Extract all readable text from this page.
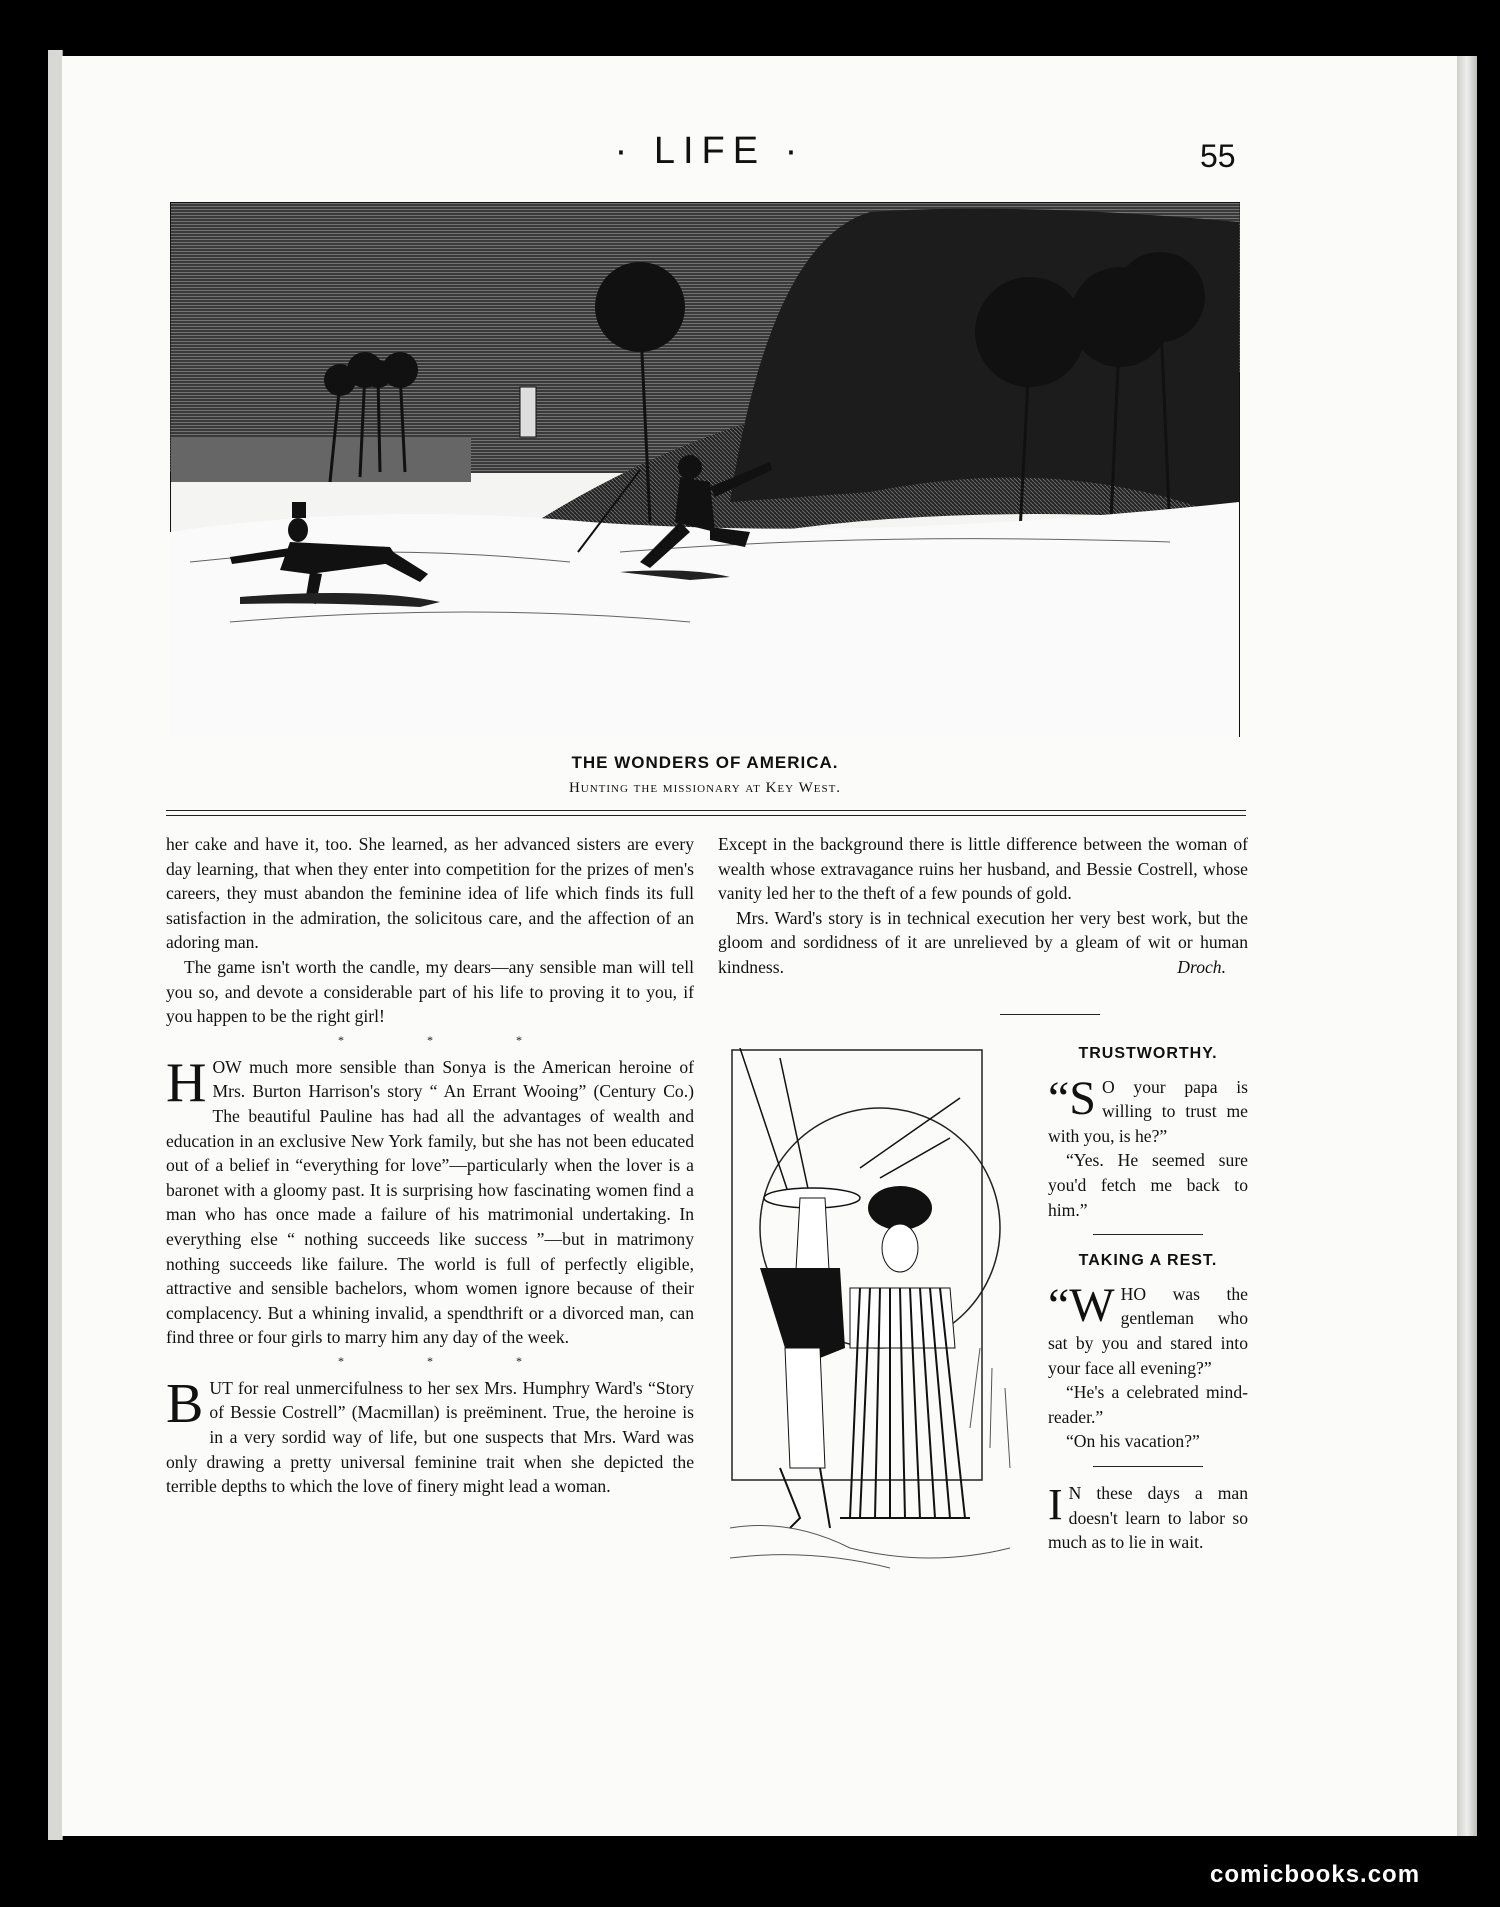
· LIFE ·	55
THE WONDERS OF AMERICA.
Hunting the missionary at Key West.

her cake and have it, too. She learned, as her advanced sisters are every day learning, that when they enter into competition for the prizes of men's careers, they must abandon the feminine idea of life which finds its full satisfaction in the admiration, the solicitous care, and the affection of an adoring man.

The game isn't worth the candle, my dears—any sensible man will tell you so, and devote a considerable part of his life to proving it to you, if you happen to be the right girl!

* * *

HOW much more sensible than Sonya is the American heroine of Mrs. Burton Harrison's story “ An Errant Wooing” (Century Co.) The beautiful Pauline has had all the advantages of wealth and education in an exclusive New York family, but she has not been educated out of a belief in “everything for love”—particularly when the lover is a baronet with a gloomy past. It is surprising how fascinating women find a man who has once made a failure of his matrimonial undertaking. In everything else “ nothing succeeds like success ”—but in matrimony nothing succeeds like failure. The world is full of perfectly eligible, attractive and sensible bachelors, whom women ignore because of their complacency. But a whining invalid, a spendthrift or a divorced man, can find three or four girls to marry him any day of the week.

* * *

BUT for real unmercifulness to her sex Mrs. Humphry Ward's “Story of Bessie Costrell” (Macmillan) is preëminent. True, the heroine is in a very sordid way of life, but one suspects that Mrs. Ward was only drawing a pretty universal feminine trait when she depicted the terrible depths to which the love of finery might lead a woman.

Except in the background there is little difference between the woman of wealth whose extravagance ruins her husband, and Bessie Costrell, whose vanity led her to the theft of a few pounds of gold.

Mrs. Ward's story is in technical execution her very best work, but the gloom and sordidness of it are unrelieved by a gleam of wit or human kindness.	Droch.

TRUSTWORTHY.

“S O your papa is willing to trust me with you, is he?”

“Yes. He seemed sure you'd fetch me back to him.”

TAKING A REST.

“WHO was the gentleman who sat by you and stared into your face all evening?”

“He's a celebrated mind-reader.”

“On his vacation?”

I N these days a man doesn't learn to labor so much as to lie in wait.

comicbooks.com
